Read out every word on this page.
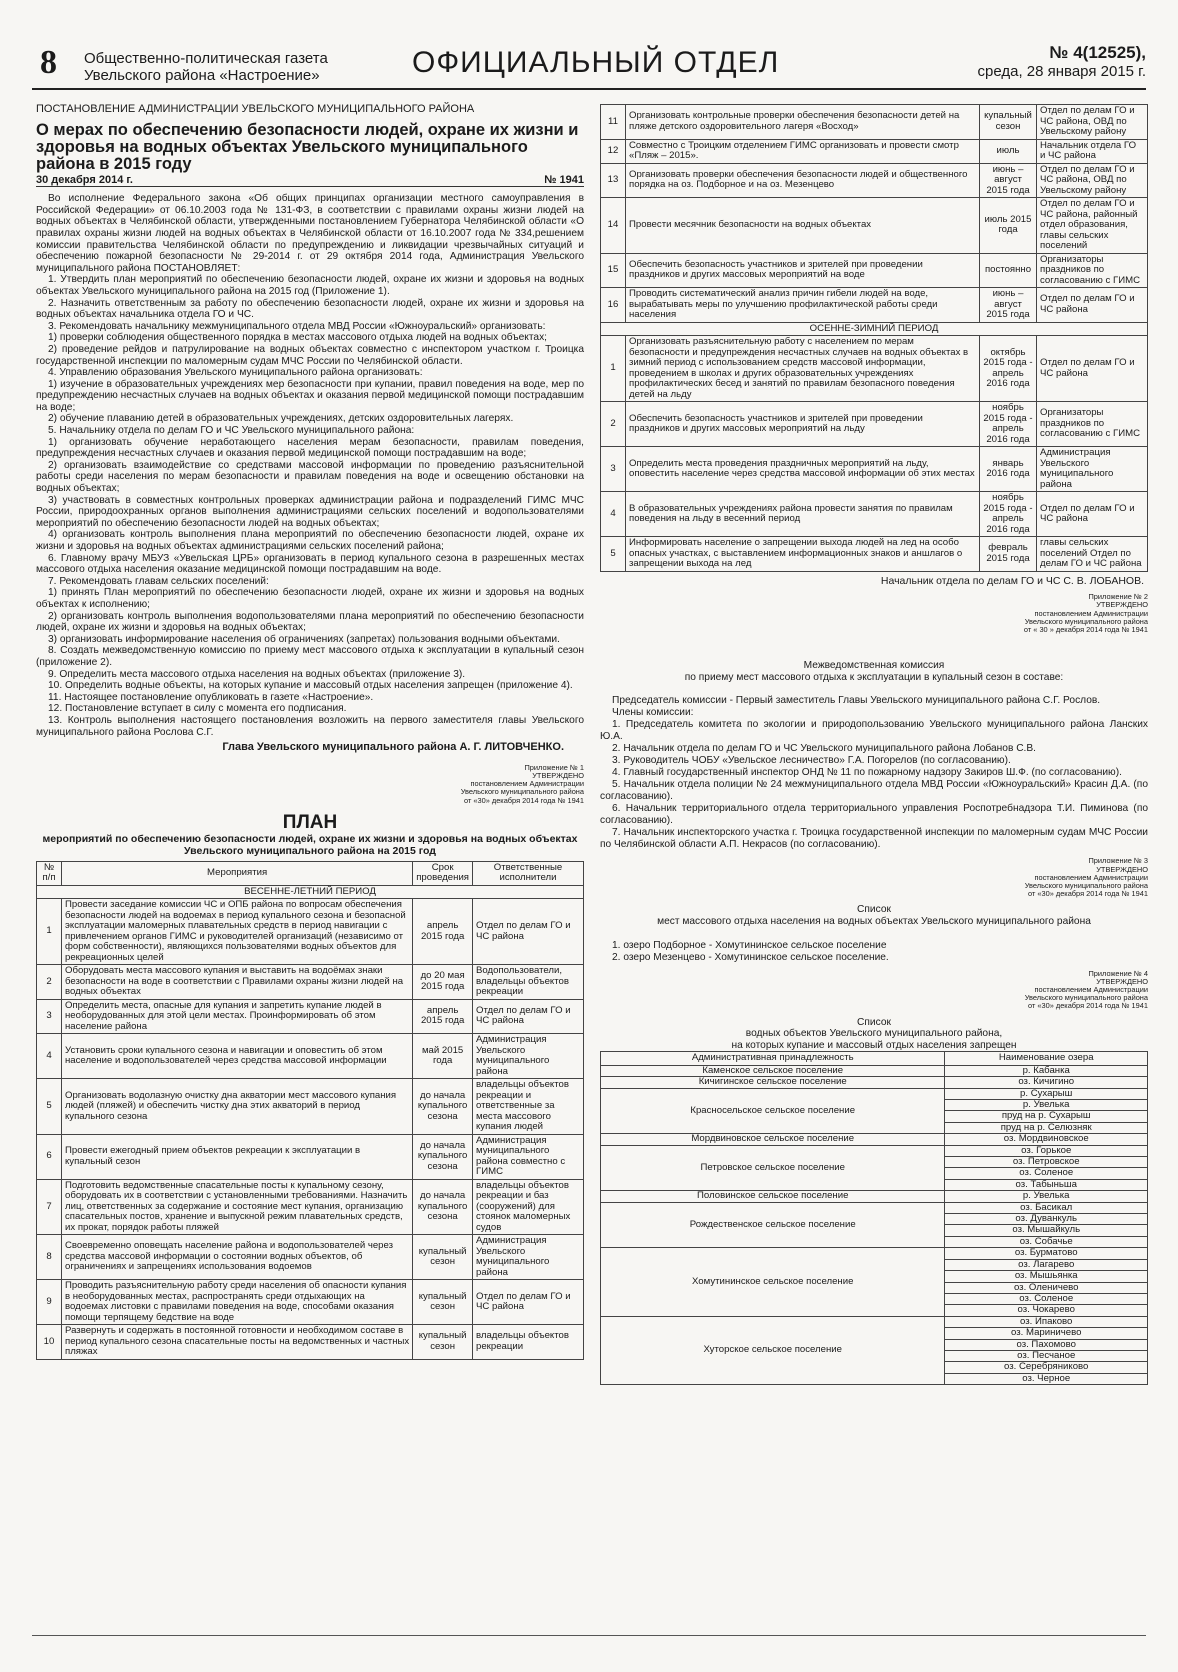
8 Общественно-политическая газета
Увельского района «Настроение»	ОФИЦИАЛЬНЫЙ ОТДЕЛ	№ 4(12525),
среда, 28 января 2015 г.
ПОСТАНОВЛЕНИЕ АДМИНИСТРАЦИИ УВЕЛЬСКОГО МУНИЦИПАЛЬНОГО РАЙОНА
О мерах по обеспечению безопасности людей, охране их жизни и здоровья на водных объектах Увельского муниципального района в 2015 году
30 декабря 2014 г.	№ 1941

Во исполнение Федерального закона «Об общих принципах организации местного самоуправления в Российской Федерации» от 06.10.2003 года № 131-ФЗ, в соответствии с правилами охраны жизни людей на водных объектах в Челябинской области, утвержденными постановлением Губернатора Челябинской области «О правилах охраны жизни людей на водных объектах в Челябинской области от 16.10.2007 года № 334,решением комиссии правительства Челябинской области по предупреждению и ликвидации чрезвычайных ситуаций и обеспечению пожарной безопасности № 29-2014 г. от 29 октября 2014 года, Администрация Увельского муниципального района ПОСТАНОВЛЯЕТ:

1. Утвердить план мероприятий по обеспечению безопасности людей, охране их жизни и здоровья на водных объектах Увельского муниципального района на 2015 год (Приложение 1).

2. Назначить ответственным за работу по обеспечению безопасности людей, охране их жизни и здоровья на водных объектах начальника отдела ГО и ЧС.

3. Рекомендовать начальнику межмуниципального отдела МВД России «Южноуральский» организовать:

1) проверки соблюдения общественного порядка в местах массового отдыха людей на водных объектах;

2) проведение рейдов и патрулирование на водных объектах совместно с инспектором участком г. Троицка государственной инспекции по маломерным судам МЧС России по Челябинской области.

4. Управлению образования Увельского муниципального района организовать:

1) изучение в образовательных учреждениях мер безопасности при купании, правил поведения на воде, мер по предупреждению несчастных случаев на водных объектах и оказания первой медицинской помощи пострадавшим на воде;

2) обучение плаванию детей в образовательных учреждениях, детских оздоровительных лагерях.

5. Начальнику отдела по делам ГО и ЧС Увельского муниципального района:

1) организовать обучение неработающего населения мерам безопасности, правилам поведения, предупреждения несчастных случаев и оказания первой медицинской помощи пострадавшим на воде;

2) организовать взаимодействие со средствами массовой информации по проведению разъяснительной работы среди населения по мерам безопасности и правилам поведения на воде и освещению обстановки на водных объектах;

3) участвовать в совместных контрольных проверках администрации района и подразделений ГИМС МЧС России, природоохранных органов выполнения администрациями сельских поселений и водопользователями мероприятий по обеспечению безопасности людей на водных объектах;

4) организовать контроль выполнения плана мероприятий по обеспечению безопасности людей, охране их жизни и здоровья на водных объектах администрациями сельских поселений района;

6. Главному врачу МБУЗ «Увельская ЦРБ» организовать в период купального сезона в разрешенных местах массового отдыха населения оказание медицинской помощи пострадавшим на воде.

7. Рекомендовать главам сельских поселений:

1) принять План мероприятий по обеспечению безопасности людей, охране их жизни и здоровья на водных объектах к исполнению;

2) организовать контроль выполнения водопользователями плана мероприятий по обеспечению безопасности людей, охране их жизни и здоровья на водных объектах;

3) организовать информирование населения об ограничениях (запретах) пользования водными объектами.

8. Создать межведомственную комиссию по приему мест массового отдыха к эксплуатации в купальный сезон (приложение 2).

9. Определить места массового отдыха населения на водных объектах (приложение 3).

10. Определить водные объекты, на которых купание и массовый отдых населения запрещен (приложение 4).

11. Настоящее постановление опубликовать в газете «Настроение».

12. Постановление вступает в силу с момента его подписания.

13. Контроль выполнения настоящего постановления возложить на первого заместителя главы Увельского муниципального района Рослова С.Г.

Глава Увельского муниципального района А. Г. ЛИТОВЧЕНКО.
Приложение № 1
УТВЕРЖДЕНО
постановлением Администрации
Увельского муниципального района
от «30» декабря 2014 года № 1941
ПЛАН
мероприятий по обеспечению безопасности людей, охране их жизни и здоровья на водных объектах Увельского муниципального района на 2015 год
№ п/п	Мероприятия	Срок проведения	Ответственные исполнители
ВЕСЕННЕ-ЛЕТНИЙ ПЕРИОД			
1	Провести заседание комиссии ЧС и ОПБ района по вопросам обеспечения безопасности людей на водоемах в период купального сезона и безопасной эксплуатации маломерных плавательных средств в период навигации с привлечением органов ГИМС и руководителей организаций (независимо от форм собственности), являющихся пользователями водных объектов для рекреационных целей	апрель 2015 года	Отдел по делам ГО и ЧС района
2	Оборудовать места массового купания и выставить на водоёмах знаки безопасности на воде в соответствии с Правилами охраны жизни людей на водных объектах	до 20 мая 2015 года	Водопользователи, владельцы объектов рекреации
3	Определить места, опасные для купания и запретить купание людей в необорудованных для этой цели местах. Проинформировать об этом население района	апрель 2015 года	Отдел по делам ГО и ЧС района
4	Установить сроки купального сезона и навигации и оповестить об этом население и водопользователей через средства массовой информации	май 2015 года	Администрация Увельского муниципального района
5	Организовать водолазную очистку дна акватории мест массового купания людей (пляжей) и обеспечить чистку дна этих акваторий в период купального сезона	до начала купального сезона	владельцы объектов рекреации и ответственные за места массового купания людей
6	Провести ежегодный прием объектов рекреации к эксплуатации в купальный сезон	до начала купального сезона	Администрация муниципального района совместно с ГИМС
7	Подготовить ведомственные спасательные посты к купальному сезону, оборудовать их в соответствии с установленными требованиями. Назначить лиц, ответственных за содержание и состояние мест купания, организацию спасательных постов, хранение и выпускной режим плавательных средств, их прокат, порядок работы пляжей	до начала купального сезона	владельцы объектов рекреации и баз (сооружений) для стоянок маломерных судов
8	Своевременно оповещать население района и водопользователей через средства массовой информации о состоянии водных объектов, об ограничениях и запрещениях использования водоемов	купальный сезон	Администрация Увельского муниципального района
9	Проводить разъяснительную работу среди населения об опасности купания в необорудованных местах, распространять среди отдыхающих на водоемах листовки с правилами поведения на воде, способами оказания помощи терпящему бедствие на воде	купальный сезон	Отдел по делам ГО и ЧС района
10	Развернуть и содержать в постоянной готовности и необходимом составе в период купального сезона спасательные посты на ведомственных и частных пляжах	купальный сезон	владельцы объектов рекреации
11	Организовать контрольные проверки обеспечения безопасности детей на пляже детского оздоровительного лагеря «Восход»	купальный сезон	Отдел по делам ГО и ЧС района, ОВД по Увельскому району
12	Совместно с Троицким отделением ГИМС организовать и провести смотр «Пляж – 2015».	июль	Начальник отдела ГО и ЧС района
13	Организовать проверки обеспечения безопасности людей и общественного порядка на оз. Подборное и на оз. Мезенцево	июнь – август 2015 года	Отдел по делам ГО и ЧС района, ОВД по Увельскому району
14	Провести месячник безопасности на водных объектах	июль 2015 года	Отдел по делам ГО и ЧС района, районный отдел образования, главы сельских поселений
15	Обеспечить безопасность участников и зрителей при проведении праздников и других массовых мероприятий на воде	постоянно	Организаторы праздников по согласованию с ГИМС
16	Проводить систематический анализ причин гибели людей на воде, вырабатывать меры по улучшению профилактической работы среди населения	июнь – август 2015 года	Отдел по делам ГО и ЧС района
ОСЕННЕ-ЗИМНИЙ ПЕРИОД			
1	Организовать разъяснительную работу с населением по мерам безопасности и предупреждения несчастных случаев на водных объектах в зимний период с использованием средств массовой информации, проведением в школах и других образовательных учреждениях профилактических бесед и занятий по правилам безопасного поведения детей на льду	октябрь 2015 года - апрель 2016 года	Отдел по делам ГО и ЧС района
2	Обеспечить безопасность участников и зрителей при проведении праздников и других массовых мероприятий на льду	ноябрь 2015 года - апрель 2016 года	Организаторы праздников по согласованию с ГИМС
3	Определить места проведения праздничных мероприятий на льду, оповестить население через средства массовой информации об этих местах	январь 2016 года	Администрация Увельского муниципального района
4	В образовательных учреждениях района провести занятия по правилам поведения на льду в весенний период	ноябрь 2015 года - апрель 2016 года	Отдел по делам ГО и ЧС района
5	Информировать население о запрещении выхода людей на лед на особо опасных участках, с выставлением информационных знаков и аншлагов о запрещении выхода на лед	февраль 2015 года	главы сельских поселений Отдел по делам ГО и ЧС района
Начальник отдела по делам ГО и ЧС С. В. ЛОБАНОВ.
Приложение № 2
УТВЕРЖДЕНО
постановлением Администрации
Увельского муниципального района
от « 30 » декабря 2014 года № 1941
Межведомственная комиссия
по приему мест массового отдыха к эксплуатации в купальный сезон в составе:

Председатель комиссии - Первый заместитель Главы Увельского муниципального района С.Г. Рослов.

Члены комиссии:

1. Председатель комитета по экологии и природопользованию Увельского муниципального района Ланских Ю.А.

2. Начальник отдела по делам ГО и ЧС Увельского муниципального района Лобанов С.В.

3. Руководитель ЧОБУ «Увельское лесничество» Г.А. Погорелов (по согласованию).

4. Главный государственный инспектор ОНД № 11 по пожарному надзору Закиров Ш.Ф. (по согласованию).

5. Начальник отдела полиции № 24 межмуниципального отдела МВД России «Южноуральский» Красин Д.А. (по согласованию).

6. Начальник территориального отдела территориального управления Роспотребнадзора Т.И. Пиминова (по согласованию).

7. Начальник инспекторского участка г. Троицка государственной инспекции по маломерным судам МЧС России по Челябинской области А.П. Некрасов (по согласованию).

Приложение № 3
УТВЕРЖДЕНО
постановлением Администрации
Увельского муниципального района
от «30» декабря 2014 года № 1941
Список
мест массового отдыха населения на водных объектах Увельского муниципального района

1. озеро Подборное - Хомутининское сельское поселение

2. озеро Мезенцево - Хомутининское сельское поселение.

Приложение № 4
УТВЕРЖДЕНО
постановлением Администрации
Увельского муниципального района
от «30» декабря 2014 года № 1941
Список
водных объектов Увельского муниципального района,
на которых купание и массовый отдых населения запрещен
Административная принадлежность	Наименование озера
Каменское сельское поселение	р. Кабанка
Кичигинское сельское поселение	оз. Кичигино
Красносельское сельское поселение	р. Сухарыш
	р. Увелька
	пруд на р. Сухарыш
	пруд на р. Селюзняк
Мордвиновское сельское поселение	оз. Мордвиновское
Петровское сельское поселение	оз. Горькое
	оз. Петровское
	оз. Соленое
	оз. Табыньша
Половинское сельское поселение	р. Увелька
Рождественское сельское поселение	оз. Басикал
	оз. Дуванкуль
	оз. Мышайкуль
	оз. Собачье
Хомутининское сельское поселение	оз. Бурматово
	оз. Лагарево
	оз. Мышьянка
	оз. Оленичево
	оз. Соленое
	оз. Чокарево
Хуторское сельское поселение	оз. Ипаково
	оз. Мариничево
	оз. Пахомово
	оз. Песчаное
	оз. Серебряниково
	оз. Черное
